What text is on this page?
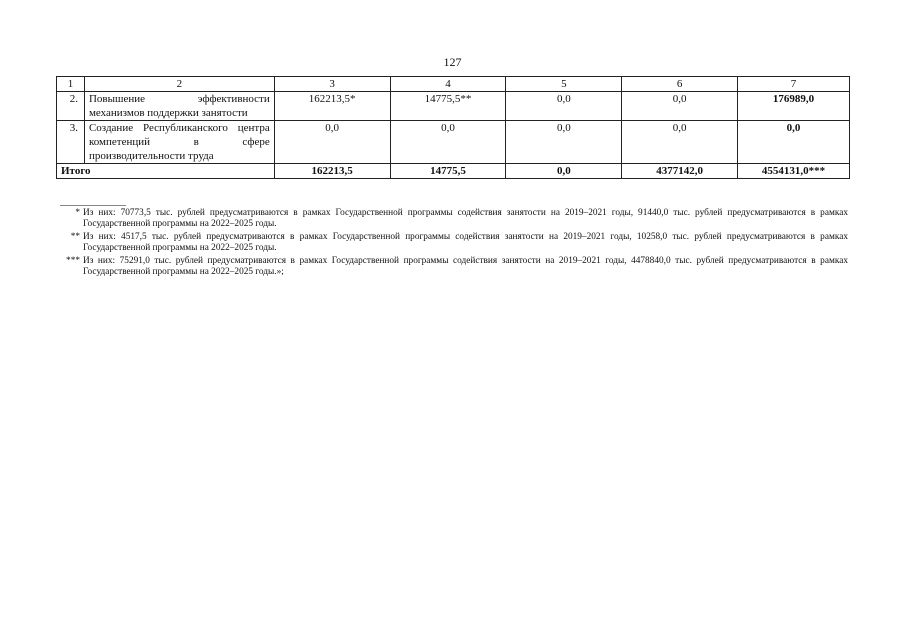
127
1	2	3	4	5	6	7
2.	Повышение эффективности механизмов поддержки занятости	162213,5*	14775,5**	0,0	0,0	176989,0
3.	Создание Республиканского центра компетенций в сфере производительности труда	0,0	0,0	0,0	0,0	0,0
Итого		162213,5	14775,5	0,0	4377142,0	4554131,0***
* Из них: 70773,5 тыс. рублей предусматриваются в рамках Государственной программы содействия занятости на 2019–2021 годы, 91440,0 тыс. рублей предусматриваются в рамках Государственной программы на 2022–2025 годы.
** Из них: 4517,5 тыс. рублей предусматриваются в рамках Государственной программы содействия занятости на 2019–2021 годы, 10258,0 тыс. рублей предусматриваются в рамках Государственной программы на 2022–2025 годы.
*** Из них: 75291,0 тыс. рублей предусматриваются в рамках Государственной программы содействия занятости на 2019–2021 годы, 4478840,0 тыс. рублей предусматриваются в рамках Государственной программы на 2022–2025 годы.»;
